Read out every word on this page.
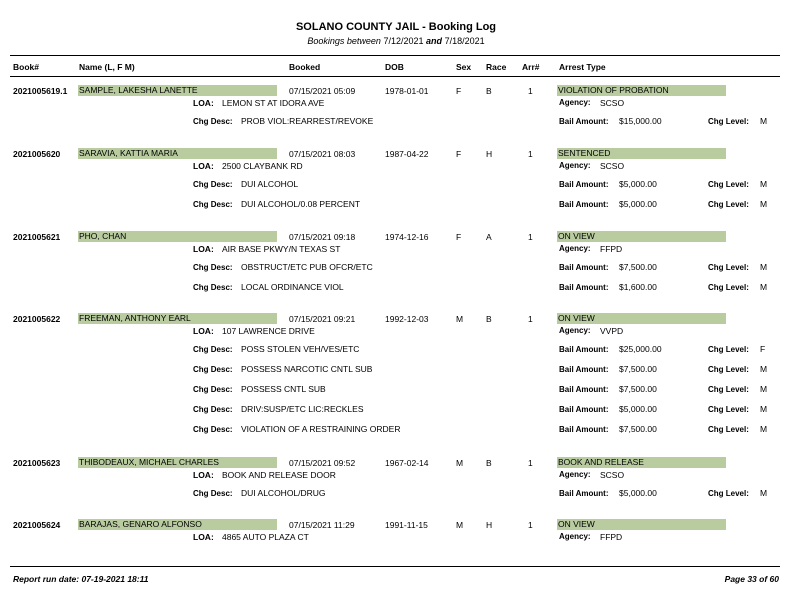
SOLANO COUNTY JAIL - Booking Log
Bookings between 7/12/2021 and 7/18/2021
Book#	Name (L, F M)	Booked	DOB	Sex Race Arr# Arrest Type
2021005619.1 SAMPLE, LAKESHA LANETTE	07/15/2021 05:09	1978-01-01	F	B	1	VIOLATION OF PROBATION
LOA: LEMON ST AT IDORA AVE	Agency: SCSO
Chg Desc: PROB VIOL:REARREST/REVOKE	Bail Amount: $15,000.00	Chg Level: M
2021005620 SARAVIA, KATTIA MARIA	07/15/2021 08:03	1987-04-22	F	H	1	SENTENCED
LOA: 2500 CLAYBANK RD	Agency: SCSO
Chg Desc: DUI ALCOHOL	Bail Amount: $5,000.00	Chg Level: M
Chg Desc: DUI ALCOHOL/0.08 PERCENT	Bail Amount: $5,000.00	Chg Level: M
2021005621 PHO, CHAN	07/15/2021 09:18	1974-12-16	F	A	1	ON VIEW
LOA: AIR BASE PKWY/N TEXAS ST	Agency: FFPD
Chg Desc: OBSTRUCT/ETC PUB OFCR/ETC	Bail Amount: $7,500.00	Chg Level: M
Chg Desc: LOCAL ORDINANCE VIOL	Bail Amount: $1,600.00	Chg Level: M
2021005622 FREEMAN, ANTHONY EARL	07/15/2021 09:21	1992-12-03	M	B	1	ON VIEW
LOA: 107 LAWRENCE DRIVE	Agency: VVPD
Chg Desc: POSS STOLEN VEH/VES/ETC	Bail Amount: $25,000.00	Chg Level: F
Chg Desc: POSSESS NARCOTIC CNTL SUB	Bail Amount: $7,500.00	Chg Level: M
Chg Desc: POSSESS CNTL SUB	Bail Amount: $7,500.00	Chg Level: M
Chg Desc: DRIV:SUSP/ETC LIC:RECKLES	Bail Amount: $5,000.00	Chg Level: M
Chg Desc: VIOLATION OF A RESTRAINING ORDER	Bail Amount: $7,500.00	Chg Level: M
2021005623 THIBODEAUX, MICHAEL CHARLES	07/15/2021 09:52	1967-02-14	M	B	1	BOOK AND RELEASE
LOA: BOOK AND RELEASE DOOR	Agency: SCSO
Chg Desc: DUI ALCOHOL/DRUG	Bail Amount: $5,000.00	Chg Level: M
2021005624 BARAJAS, GENARO ALFONSO	07/15/2021 11:29	1991-11-15	M	H	1	ON VIEW
LOA: 4865 AUTO PLAZA CT	Agency: FFPD
Report run date: 07-19-2021 18:11	Page 33 of 60
